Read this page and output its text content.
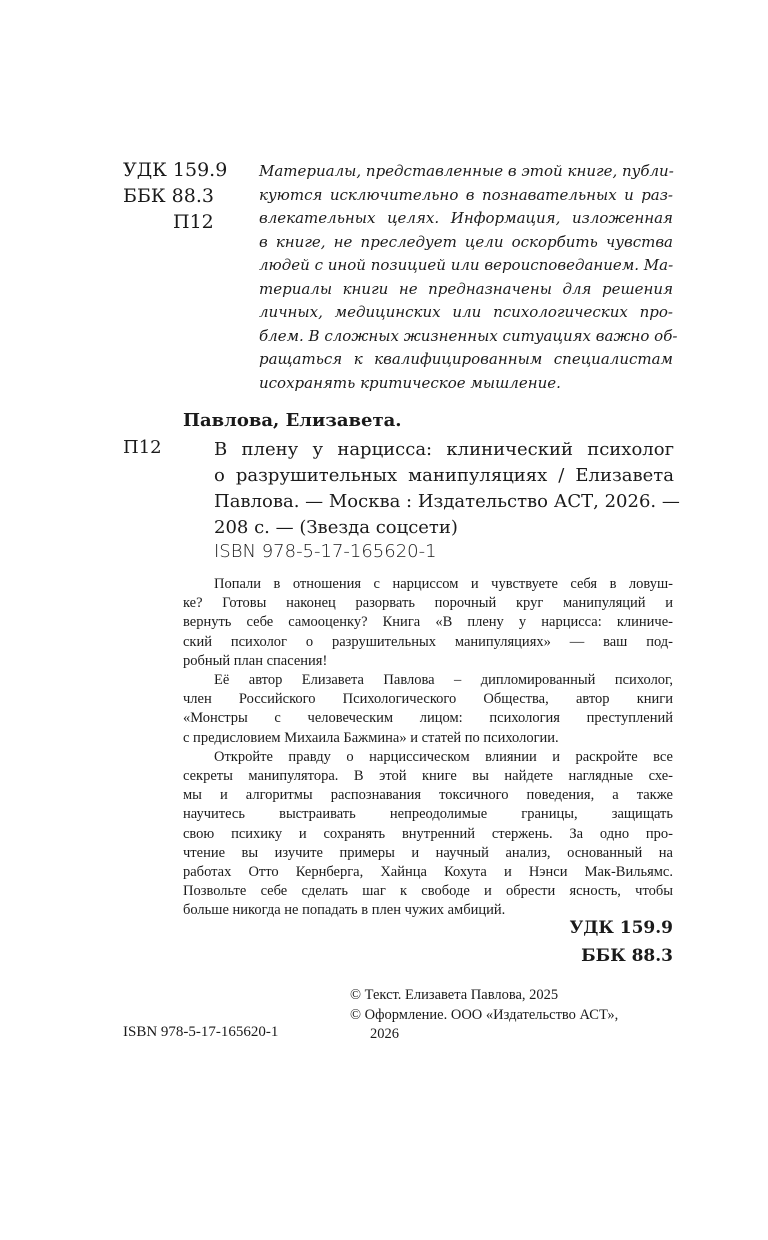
УДК 159.9
ББК 88.3
П12
Материалы, представленные в этой книге, публи-
куются исключительно в познавательных и раз-
влекательных целях. Информация, изложенная
в книге, не преследует цели оскорбить чувства
людей с иной позицией или вероисповеданием. Ма-
териалы книги не предназначены для решения
личных, медицинских или психологических про-
блем. В сложных жизненных ситуациях важно об-
ращаться к квалифицированным специалистам
исохранять критическое мышление.
Павлова, Елизавета.
П12	В плену у нарцисса: клинический психолог
о разрушительных манипуляциях / Елизавета
Павлова. — Москва : Издательство АСТ, 2026. —
208 с. — (Звезда соцсети)
ISBN 978-5-17-165620-1
Попали в отношения с нарциссом и чувствуете себя в ловуш-
ке? Готовы наконец разорвать порочный круг манипуляций и
вернуть себе самооценку? Книга «В плену у нарцисса: клиниче-
ский психолог о разрушительных манипуляциях» — ваш под-
робный план спасения!
Её автор Елизавета Павлова – дипломированный психолог,
член Российского Психологического Общества, автор книги
«Монстры с человеческим лицом: психология преступлений
с предисловием Михаила Бажмина» и статей по психологии.
Откройте правду о нарциссическом влиянии и раскройте все
секреты манипулятора. В этой книге вы найдете наглядные схе-
мы и алгоритмы распознавания токсичного поведения, а также
научитесь выстраивать непреодолимые границы, защищать
свою психику и сохранять внутренний стержень. За одно про-
чтение вы изучите примеры и научный анализ, основанный на
работах Отто Кернберга, Хайнца Кохута и Нэнси Мак-Вильямс.
Позвольте себе сделать шаг к свободе и обрести ясность, чтобы
больше никогда не попадать в плен чужих амбиций.
УДК 159.9
ББК 88.3
© Текст. Елизавета Павлова, 2025
© Оформление. ООО «Издательство АСТ»,
2026
ISBN 978-5-17-165620-1
